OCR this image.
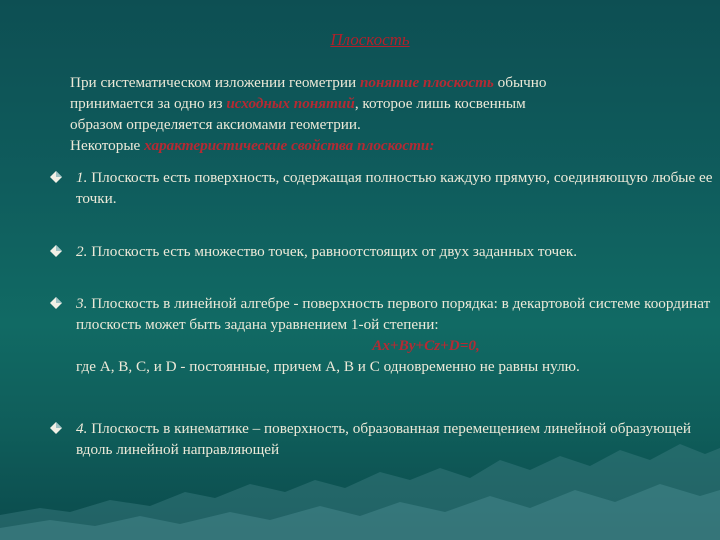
Плоскость
При систематическом изложении геометрии понятие плоскость обычно
принимается за одно из исходных понятий, которое лишь косвенным
образом определяется аксиомами геометрии.
Некоторые характеристические свойства плоскости:
1. Плоскость есть поверхность, содержащая полностью каждую прямую, соединяющую любые ее точки.
2. Плоскость есть множество точек, равноотстоящих от двух заданных точек.
3. Плоскость в линейной алгебре - поверхность первого порядка: в декартовой системе координат плоскость может быть задана уравнением 1-ой степени:
Ax+By+Cz+D=0,
где A, B, C, и D - постоянные, причем A, B и C одновременно не равны нулю.
4. Плоскость в кинематике – поверхность, образованная перемещением линейной образующей вдоль линейной направляющей
